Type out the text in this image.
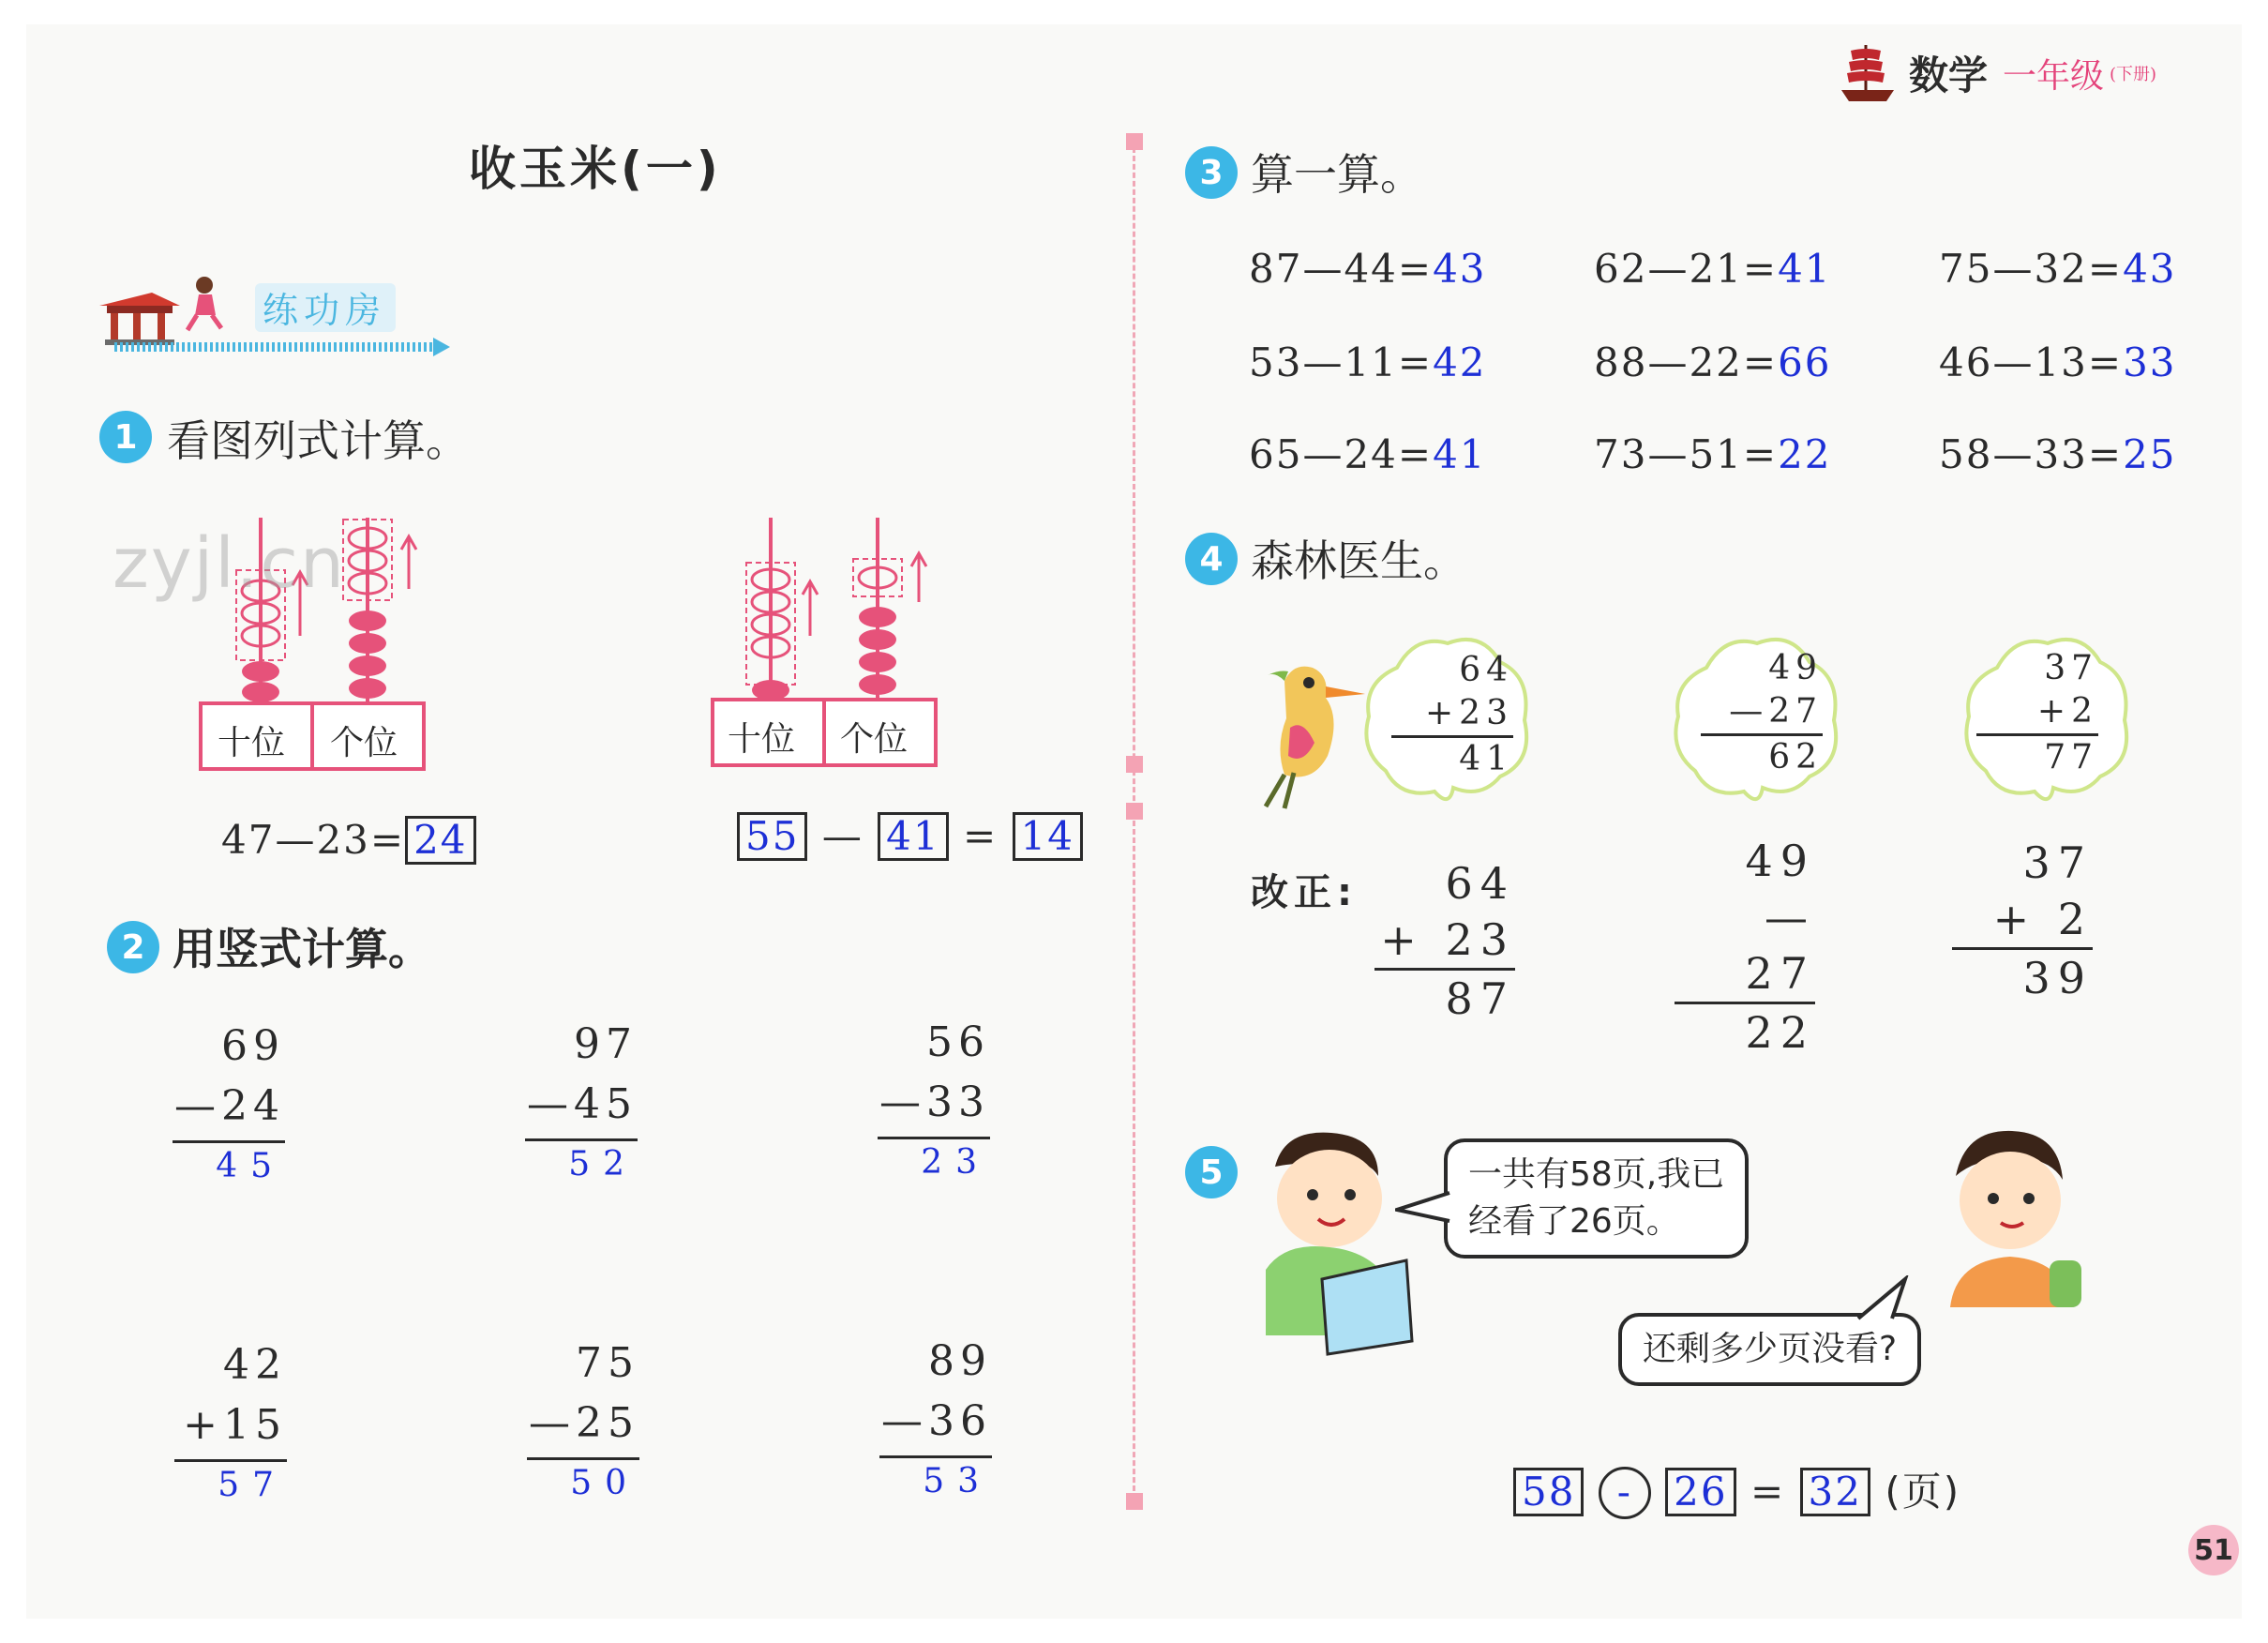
数学 一年级 (下册)
收玉米(一)
练功房
1 看图列式计算。
十位 个位	十位 个位
zyjl.cn
47—23= 24	55 — 41 = 14
2 用竖式计算。
69
—24
45
97
—45
52
56
—33
23
42
+15
57
75
—25
50
89
—36
53
3 算一算。
87—44=43	62—21=41	75—32=43
53—11=42	88—22=66	46—13=33
65—24=41	73—51=22	58—33=25
4 森林医生。
64
+23
41
49
—27
62
37
+2
77
改正:	64
+ 23
87
49
— 27
22
37
+ 2
39
5	一共有58页,我已
经看了26页。
还剩多少页没看?
58 - 26 = 32 (页)
51
